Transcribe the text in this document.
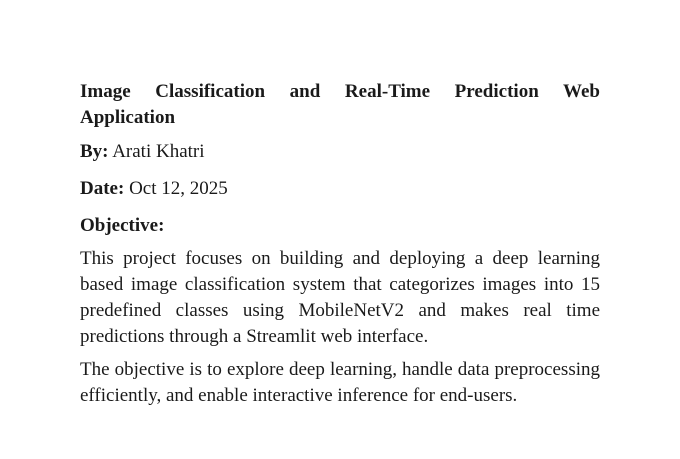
Image Classification and Real-Time Prediction Web
Application
By: Arati Khatri
Date: Oct 12, 2025
Objective:

This project focuses on building and deploying a deep learning based image classification system that categorizes images into 15 predefined classes using MobileNetV2 and makes real time predictions through a Streamlit web interface.

The objective is to explore deep learning, handle data preprocessing efficiently, and enable interactive inference for end-users.
